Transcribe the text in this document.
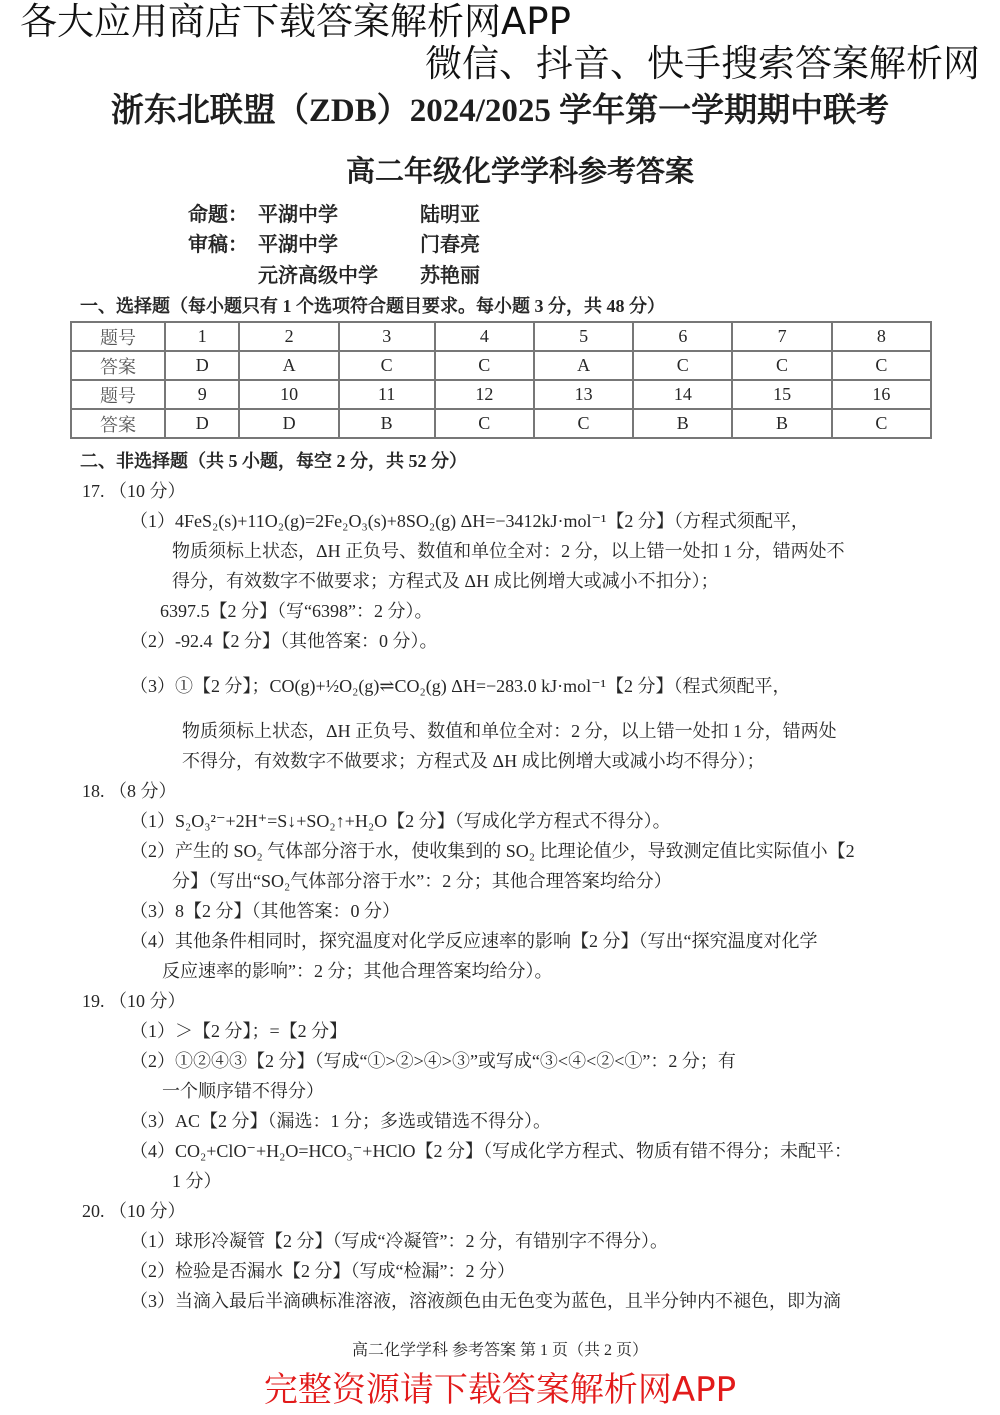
各大应用商店下载答案解析网APP
微信、抖音、快手搜索答案解析网
浙东北联盟（ZDB）2024/2025 学年第一学期期中联考
高二年级化学学科参考答案
命题： 平湖中学	陆明亚
审稿： 平湖中学	门春亮
元济高级中学 苏艳丽
一、选择题（每小题只有 1 个选项符合题目要求。每小题 3 分，共 48 分）
题号	1	2	3	4	5	6	7	8
答案	D	A	C	C	A	C	C	C
题号	9	10	11	12	13	14	15	16
答案	D	D	B	C	C	B	B	C
二、非选择题（共 5 小题，每空 2 分，共 52 分）
17. （10 分）
（1）4FeS₂(s)+11O₂(g)=2Fe₂O₃(s)+8SO₂(g) ΔH=−3412kJ·mol⁻¹【2 分】（方程式须配平，
物质须标上状态，ΔH 正负号、数值和单位全对：2 分，以上错一处扣 1 分，错两处不
得分，有效数字不做要求；方程式及 ΔH 成比例增大或减小不扣分）；
6397.5【2 分】（写“6398”：2 分）。
（2）-92.4【2 分】（其他答案：0 分）。
（3）①【2 分】；CO(g)+½O₂(g)⇌CO₂(g) ΔH=−283.0 kJ·mol⁻¹【2 分】（程式须配平，
物质须标上状态，ΔH 正负号、数值和单位全对：2 分，以上错一处扣 1 分，错两处
不得分，有效数字不做要求；方程式及 ΔH 成比例增大或减小均不得分）；
18. （8 分）
（1）S₂O₃²⁻+2H⁺=S↓+SO₂↑+H₂O【2 分】（写成化学方程式不得分）。
（2）产生的 SO₂ 气体部分溶于水，使收集到的 SO₂ 比理论值少，导致测定值比实际值小【2
分】（写出“SO₂气体部分溶于水”：2 分；其他合理答案均给分）
（3）8【2 分】（其他答案：0 分）
（4）其他条件相同时，探究温度对化学反应速率的影响【2 分】（写出“探究温度对化学
反应速率的影响”：2 分；其他合理答案均给分）。
19. （10 分）
（1）＞【2 分】；=【2 分】
（2）①②④③【2 分】（写成“①>②>④>③”或写成“③<④<②<①”：2 分；有
一个顺序错不得分）
（3）AC【2 分】（漏选：1 分；多选或错选不得分）。
（4）CO₂+ClO⁻+H₂O=HCO₃⁻+HClO【2 分】（写成化学方程式、物质有错不得分；未配平：
1 分）
20. （10 分）
（1）球形冷凝管【2 分】（写成“冷凝管”：2 分，有错别字不得分）。
（2）检验是否漏水【2 分】（写成“检漏”：2 分）
（3）当滴入最后半滴碘标准溶液，溶液颜色由无色变为蓝色，且半分钟内不褪色，即为滴
高二化学学科 参考答案 第 1 页（共 2 页）
完整资源请下载答案解析网APP
